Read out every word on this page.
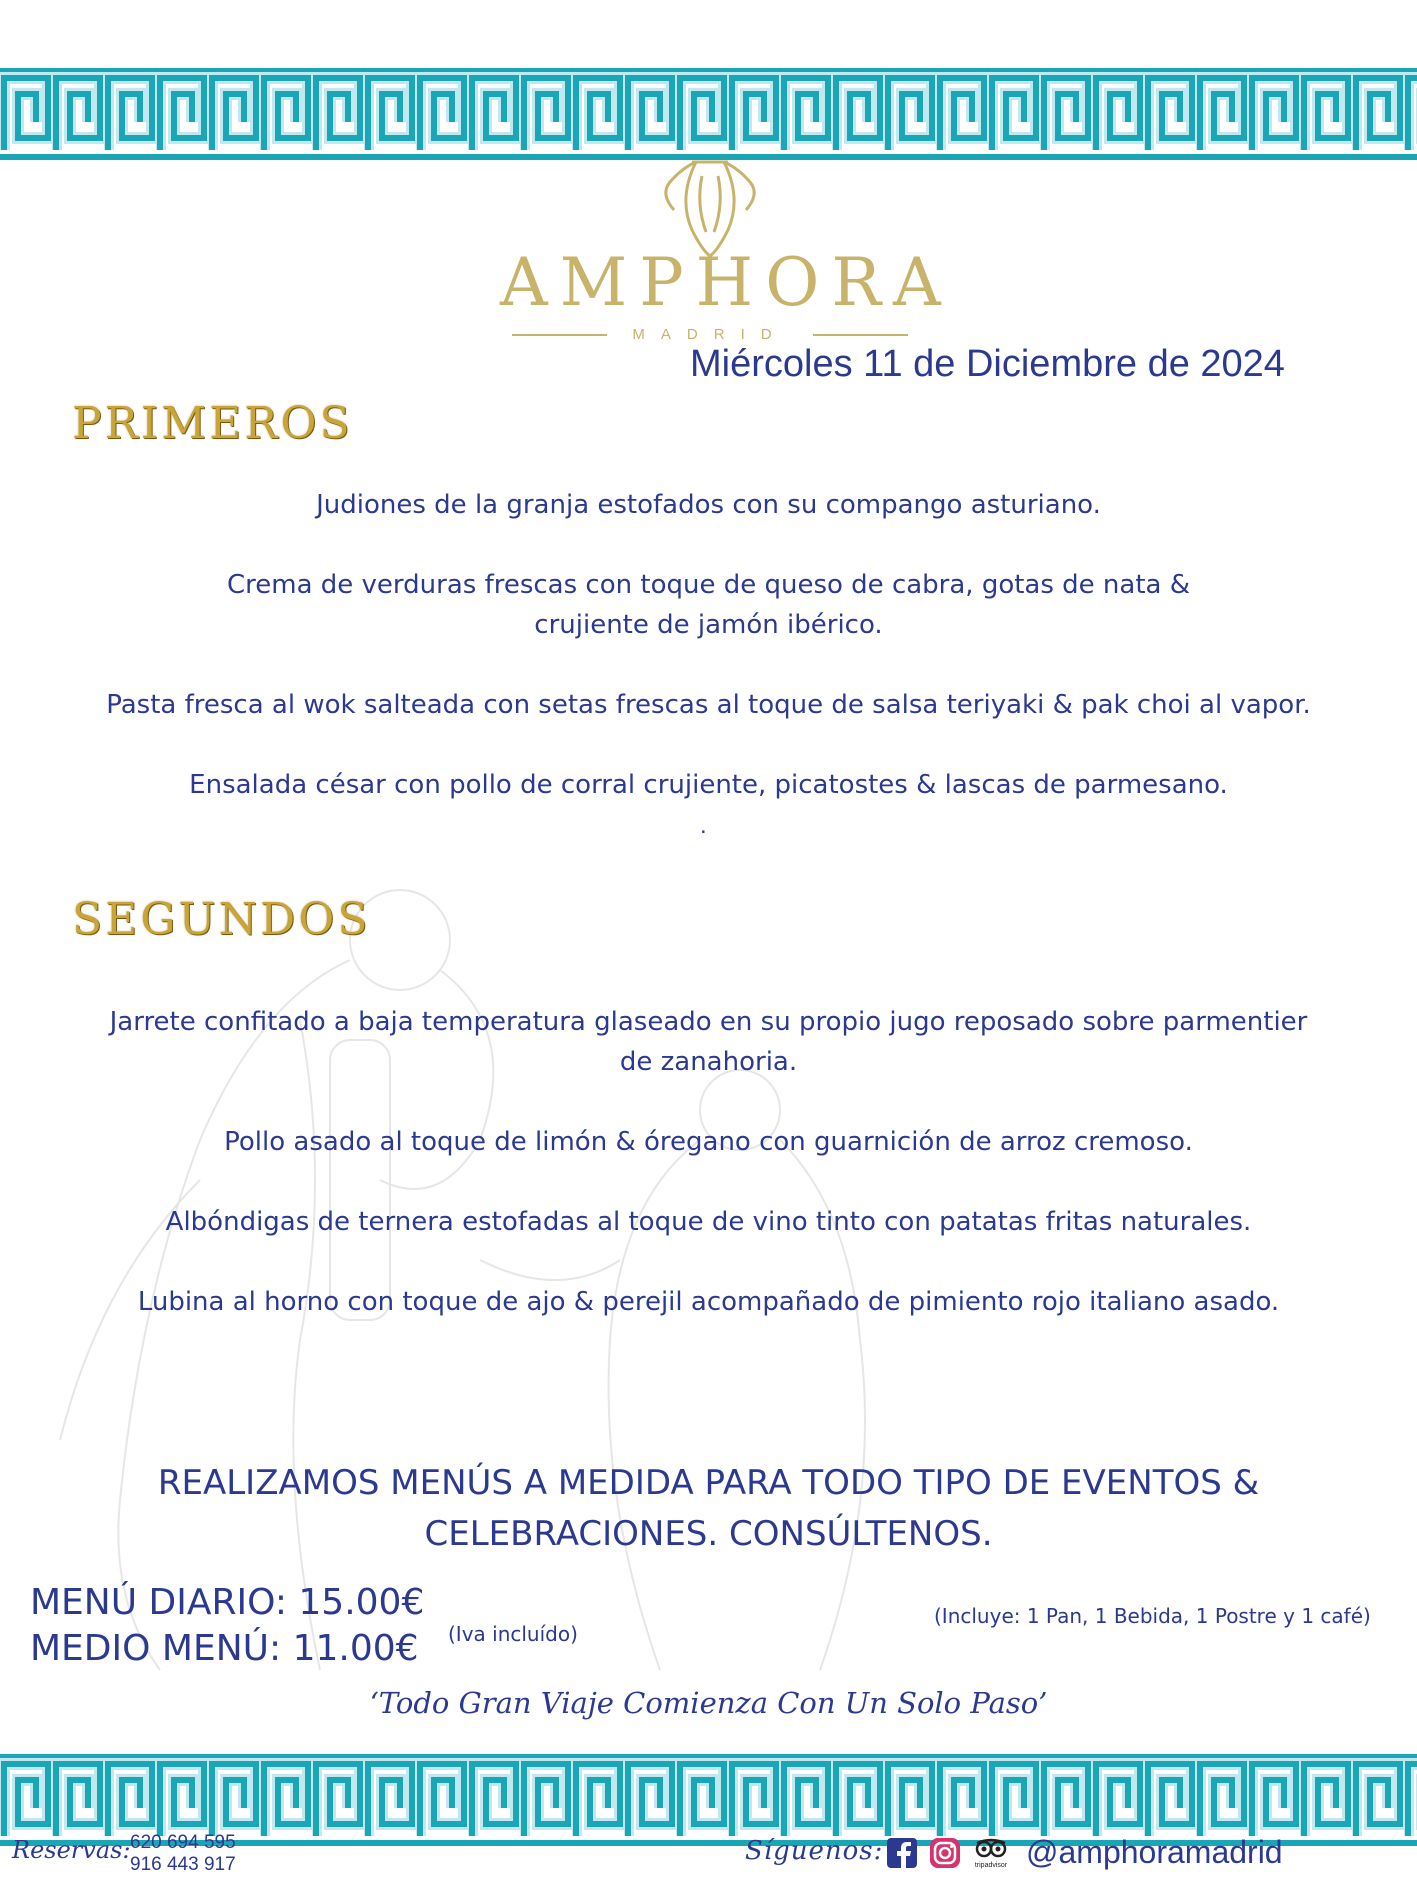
AMPHORA
MADRID
Miércoles 11 de Diciembre de 2024
PRIMEROS
Judiones de la granja estofados con su compango asturiano.
Crema de verduras frescas con toque de queso de cabra, gotas de nata &
crujiente de jamón ibérico.
Pasta fresca al wok salteada con setas frescas al toque de salsa teriyaki & pak choi al vapor.
Ensalada césar con pollo de corral crujiente, picatostes & lascas de parmesano.
.
SEGUNDOS
Jarrete confitado a baja temperatura glaseado en su propio jugo reposado sobre parmentier
de zanahoria.
Pollo asado al toque de limón & óregano con guarnición de arroz cremoso.
Albóndigas de ternera estofadas al toque de vino tinto con patatas fritas naturales.
Lubina al horno con toque de ajo & perejil acompañado de pimiento rojo italiano asado.
REALIZAMOS MENÚS A MEDIDA PARA TODO TIPO DE EVENTOS &
CELEBRACIONES. CONSÚLTENOS.
MENÚ DIARIO: 15.00€
MEDIO MENÚ: 11.00€ (Iva incluído)
(Incluye: 1 Pan, 1 Bebida, 1 Postre y 1 café)
‘Todo Gran Viaje Comienza Con Un Solo Paso’
Reservas: 620 694 595
916 443 917	Síguenos:	tripadvisor @amphoramadrid
